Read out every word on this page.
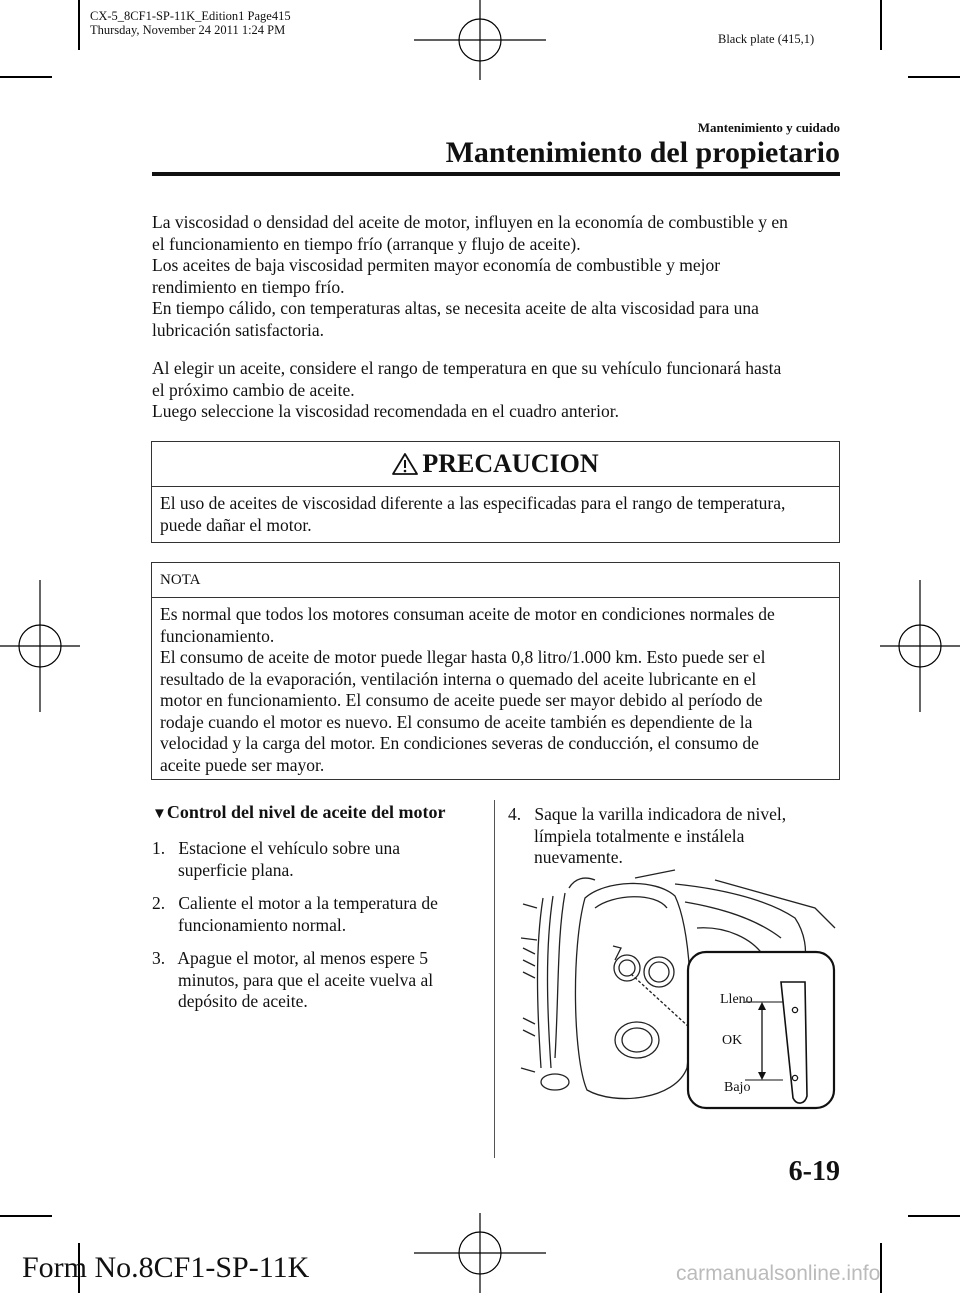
CX-5_8CF1-SP-11K_Edition1 Page415
Thursday, November 24 2011 1:24 PM
Black plate (415,1)
Mantenimiento y cuidado
Mantenimiento del propietario

La viscosidad o densidad del aceite de motor, influyen en la economía de combustible y en

el funcionamiento en tiempo frío (arranque y flujo de aceite).

Los aceites de baja viscosidad permiten mayor economía de combustible y mejor

rendimiento en tiempo frío.

En tiempo cálido, con temperaturas altas, se necesita aceite de alta viscosidad para una

lubricación satisfactoria.

Al elegir un aceite, considere el rango de temperatura en que su vehículo funcionará hasta

el próximo cambio de aceite.

Luego seleccione la viscosidad recomendada en el cuadro anterior.

PRECAUCION

El uso de aceites de viscosidad diferente a las especificadas para el rango de temperatura,

puede dañar el motor.

NOTA

Es normal que todos los motores consuman aceite de motor en condiciones normales de

funcionamiento.

El consumo de aceite de motor puede llegar hasta 0,8 litro/1.000 km. Esto puede ser el

resultado de la evaporación, ventilación interna o quemado del aceite lubricante en el

motor en funcionamiento. El consumo de aceite puede ser mayor debido al período de

rodaje cuando el motor es nuevo. El consumo de aceite también es dependiente de la

velocidad y la carga del motor. En condiciones severas de conducción, el consumo de

aceite puede ser mayor.

▼Control del nivel de aceite del motor
1. Estacione el vehículo sobre una
superficie plana.
2. Caliente el motor a la temperatura de
funcionamiento normal.
3. Apague el motor, al menos espere 5
minutos, para que el aceite vuelva al
depósito de aceite.
4. Saque la varilla indicadora de nivel,
límpiela totalmente e instálela
nuevamente.
Lleno
OK
Bajo
6-19
Form No.8CF1-SP-11K	carmanualsonline.info
